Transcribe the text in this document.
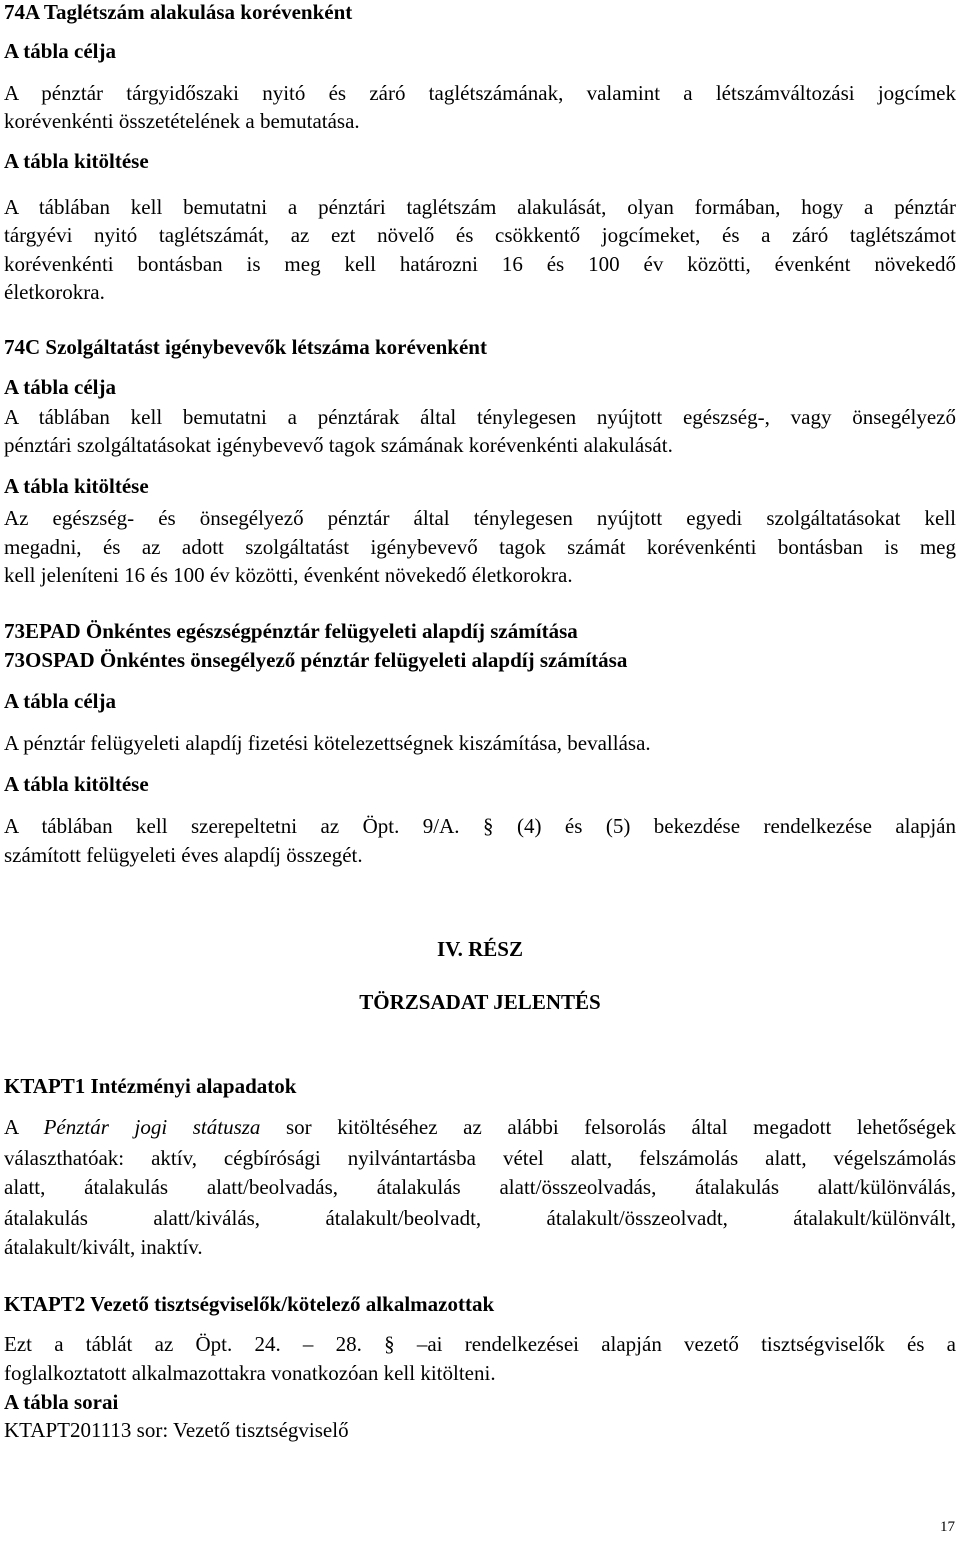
74A Taglétszám alakulása korévenként
A tábla célja
A pénztár tárgyidőszaki nyitó és záró taglétszámának, valamint a létszámváltozási jogcímek
korévenkénti összetételének a bemutatása.
A tábla kitöltése
A táblában kell bemutatni a pénztári taglétszám alakulását, olyan formában, hogy a pénztár
tárgyévi nyitó taglétszámát, az ezt növelő és csökkentő jogcímeket, és a záró taglétszámot
korévenkénti bontásban is meg kell határozni 16 és 100 év közötti, évenként növekedő
életkorokra.
74C Szolgáltatást igénybevevők létszáma korévenként
A tábla célja
A táblában kell bemutatni a pénztárak által ténylegesen nyújtott egészség-, vagy önsegélyező
pénztári szolgáltatásokat igénybevevő tagok számának korévenkénti alakulását.
A tábla kitöltése
Az egészség- és önsegélyező pénztár által ténylegesen nyújtott egyedi szolgáltatásokat kell
megadni, és az adott szolgáltatást igénybevevő tagok számát korévenkénti bontásban is meg
kell jeleníteni 16 és 100 év közötti, évenként növekedő életkorokra.
73EPAD Önkéntes egészségpénztár felügyeleti alapdíj számítása
73OSPAD Önkéntes önsegélyező pénztár felügyeleti alapdíj számítása
A tábla célja
A pénztár felügyeleti alapdíj fizetési kötelezettségnek kiszámítása, bevallása.
A tábla kitöltése
A táblában kell szerepeltetni az Öpt. 9/A. § (4) és (5) bekezdése rendelkezése alapján
számított felügyeleti éves alapdíj összegét.
IV. RÉSZ
TÖRZSADAT JELENTÉS
KTAPT1 Intézményi alapadatok
A Pénztár jogi státusza sor kitöltéséhez az alábbi felsorolás által megadott lehetőségek
választhatóak: aktív, cégbírósági nyilvántartásba vétel alatt, felszámolás alatt, végelszámolás
alatt, átalakulás alatt/beolvadás, átalakulás alatt/összeolvadás, átalakulás alatt/különválás,
átalakulás alatt/kiválás, átalakult/beolvadt, átalakult/összeolvadt, átalakult/különvált,
átalakult/kivált, inaktív.
KTAPT2 Vezető tisztségviselők/kötelező alkalmazottak
Ezt a táblát az Öpt. 24. – 28. § –ai rendelkezései alapján vezető tisztségviselők és a
foglalkoztatott alkalmazottakra vonatkozóan kell kitölteni.
A tábla sorai
KTAPT201113 sor: Vezető tisztségviselő
17
